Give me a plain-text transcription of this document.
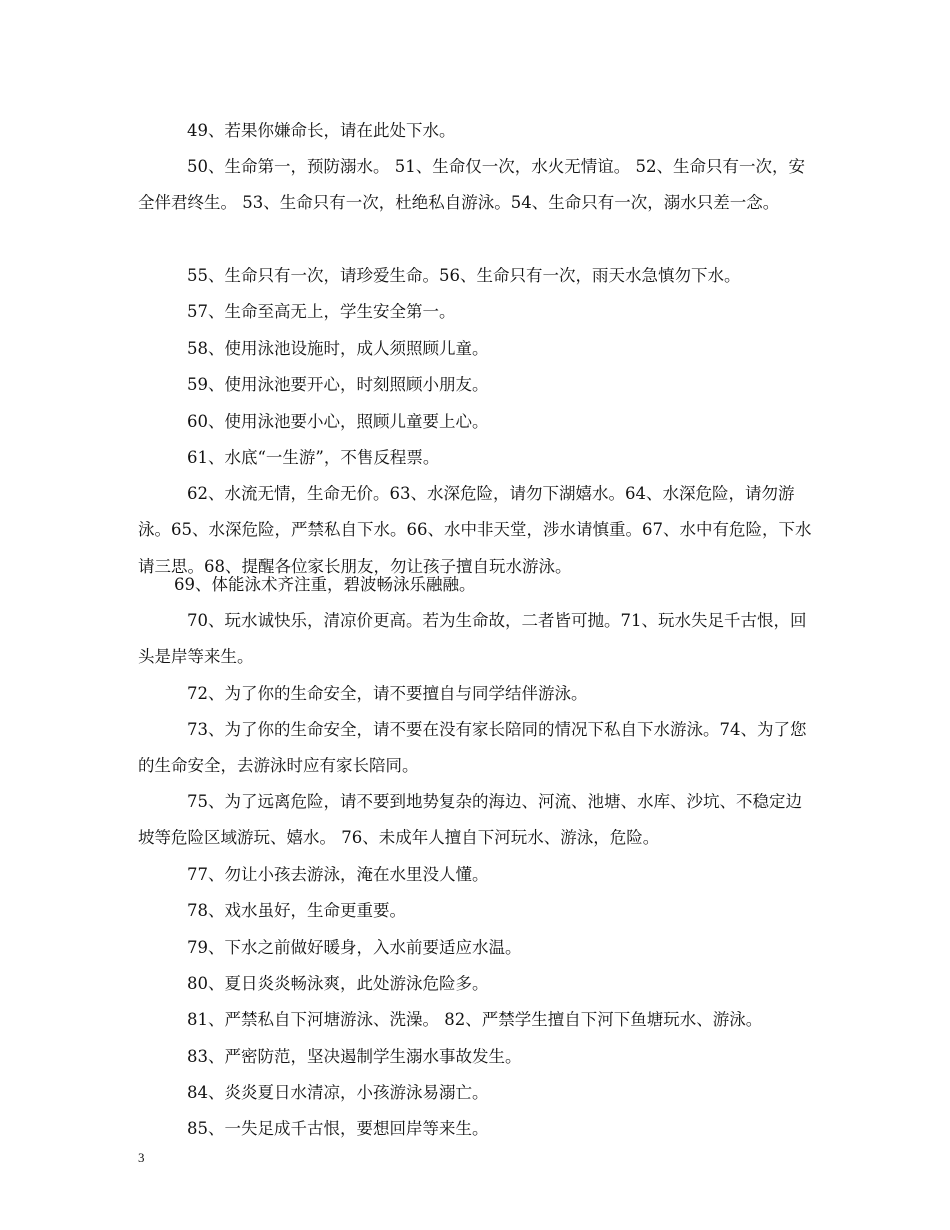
49、若果你嫌命长，请在此处下水。

50、生命第一，预防溺水。 51、生命仅一次，水火无情谊。 52、生命只有一次，安全伴君终生。 53、生命只有一次，杜绝私自游泳。54、生命只有一次，溺水只差一念。

55、生命只有一次，请珍爱生命。56、生命只有一次，雨天水急慎勿下水。

57、生命至高无上，学生安全第一。

58、使用泳池设施时，成人须照顾儿童。

59、使用泳池要开心，时刻照顾小朋友。

60、使用泳池要小心，照顾儿童要上心。

61、水底“一生游”，不售反程票。

62、水流无情，生命无价。63、水深危险，请勿下湖嬉水。64、水深危险，请勿游泳。65、水深危险，严禁私自下水。66、水中非天堂，涉水请慎重。67、水中有危险，下水请三思。68、提醒各位家长朋友，勿让孩子擅自玩水游泳。

69、体能泳术齐注重，碧波畅泳乐融融。

70、玩水诚快乐，清凉价更高。若为生命故，二者皆可抛。71、玩水失足千古恨，回头是岸等来生。

72、为了你的生命安全，请不要擅自与同学结伴游泳。

73、为了你的生命安全，请不要在没有家长陪同的情况下私自下水游泳。74、为了您的生命安全，去游泳时应有家长陪同。

75、为了远离危险，请不要到地势复杂的海边、河流、池塘、水库、沙坑、不稳定边坡等危险区域游玩、嬉水。 76、未成年人擅自下河玩水、游泳，危险。

77、勿让小孩去游泳，淹在水里没人懂。

78、戏水虽好，生命更重要。

79、下水之前做好暖身，入水前要适应水温。

80、夏日炎炎畅泳爽，此处游泳危险多。

81、严禁私自下河塘游泳、洗澡。 82、严禁学生擅自下河下鱼塘玩水、游泳。

83、严密防范，坚决遏制学生溺水事故发生。

84、炎炎夏日水清凉，小孩游泳易溺亡。

85、一失足成千古恨，要想回岸等来生。

3
